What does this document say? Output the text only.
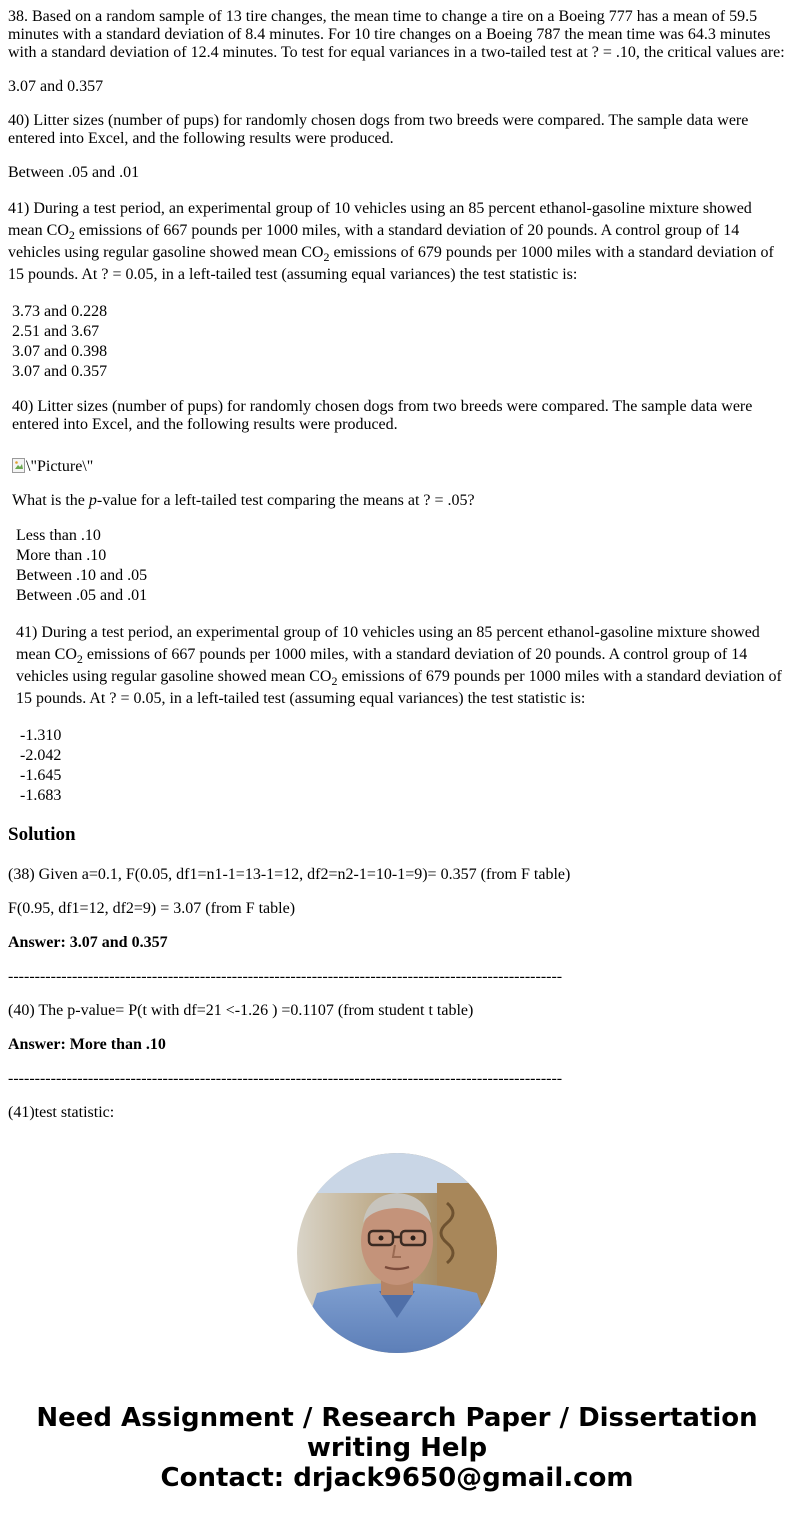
38. Based on a random sample of 13 tire changes, the mean time to change a tire on a Boeing 777 has a mean of 59.5 minutes with a standard deviation of 8.4 minutes. For 10 tire changes on a Boeing 787 the mean time was 64.3 minutes with a standard deviation of 12.4 minutes. To test for equal variances in a two-tailed test at ? = .10, the critical values are:

3.07 and 0.357

40) Litter sizes (number of pups) for randomly chosen dogs from two breeds were compared. The sample data were entered into Excel, and the following results were produced.

Between .05 and .01

41) During a test period, an experimental group of 10 vehicles using an 85 percent ethanol-gasoline mixture showed mean $CO_2$ emissions of 667 pounds per 1000 miles, with a standard deviation of 20 pounds. A control group of 14 vehicles using regular gasoline showed mean $CO_2$ emissions of 679 pounds per 1000 miles with a standard deviation of 15 pounds. At ? = 0.05, in a left-tailed test (assuming equal variances) the test statistic is:

3.73 and 0.228
2.51 and 3.67
3.07 and 0.398
3.07 and 0.357

40) Litter sizes (number of pups) for randomly chosen dogs from two breeds were compared. The sample data were entered into Excel, and the following results were produced.

\"Picture\"

What is the p-value for a left-tailed test comparing the means at ? = .05?

Less than .10
More than .10
Between .10 and .05
Between .05 and .01

41) During a test period, an experimental group of 10 vehicles using an 85 percent ethanol-gasoline mixture showed mean $CO_2$ emissions of 667 pounds per 1000 miles, with a standard deviation of 20 pounds. A control group of 14 vehicles using regular gasoline showed mean $CO_2$ emissions of 679 pounds per 1000 miles with a standard deviation of 15 pounds. At ? = 0.05, in a left-tailed test (assuming equal variances) the test statistic is:

-1.310
-2.042
-1.645
-1.683
Solution

(38) Given a=0.1, F(0.05, df1=n1-1=13-1=12, df2=n2-1=10-1=9)= 0.357 (from F table)

F(0.95, df1=12, df2=9) = 3.07 (from F table)

Answer: 3.07 and 0.357

--------------------------------------------------------------------------------------------------------

(40) The p-value= P(t with df=21 <-1.26 ) =0.1107 (from student t table)

Answer: More than .10

--------------------------------------------------------------------------------------------------------

(41)test statistic:

Need Assignment / Research Paper / Dissertation
writing Help
Contact: drjack9650@gmail.com
